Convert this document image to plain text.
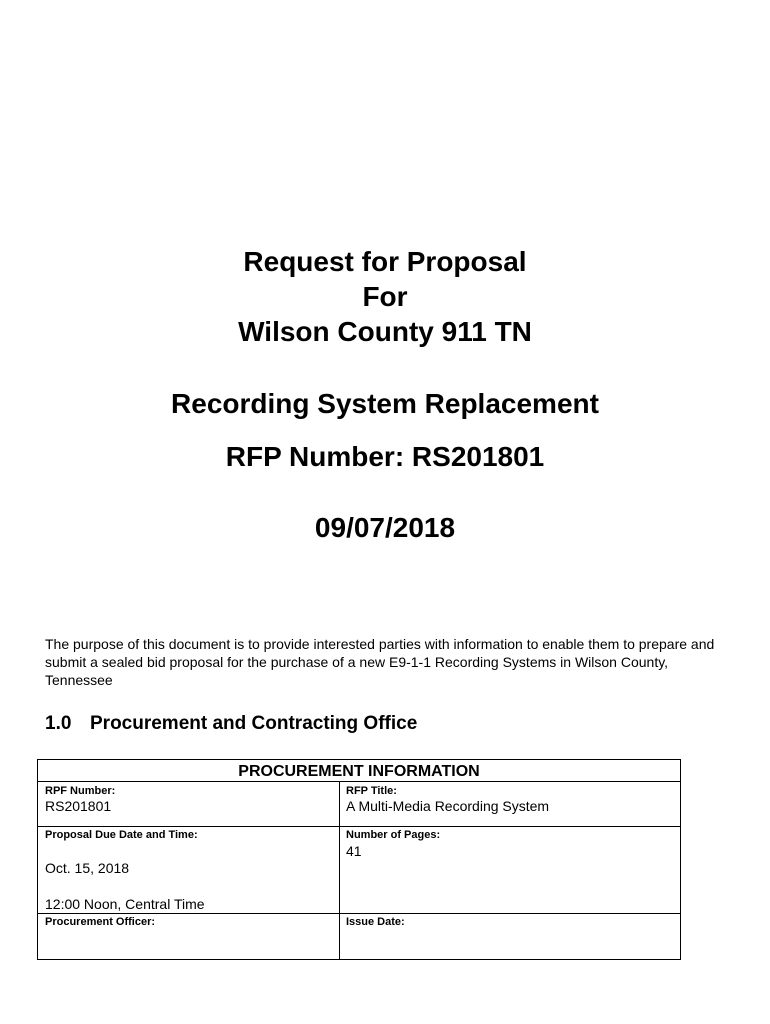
Request for Proposal
For
Wilson County 911 TN
Recording System Replacement
RFP Number: RS201801
09/07/2018
The purpose of this document is to provide interested parties with information to enable them to prepare and submit a sealed bid proposal for the purchase of a new E9-1-1 Recording Systems in Wilson County, Tennessee
1.0 Procurement and Contracting Office
PROCUREMENT INFORMATION
RPF Number:
RS201801
RFP Title:
A Multi-Media Recording System
Proposal Due Date and Time:
Oct. 15, 2018
12:00 Noon, Central Time
Number of Pages:
41
Procurement Officer:	Issue Date:
